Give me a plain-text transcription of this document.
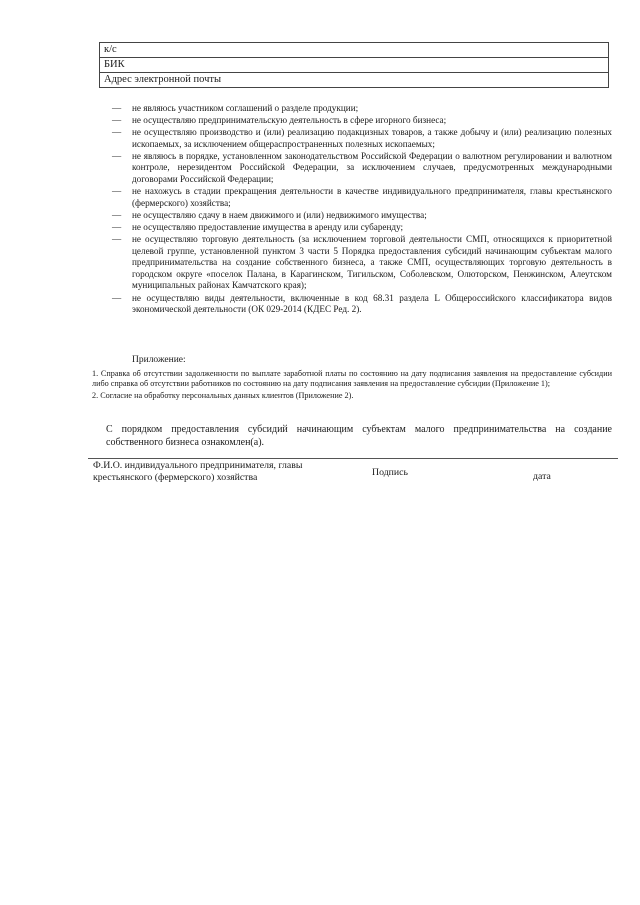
к/с
БИК
Адрес электронной почты
—	не являюсь участником соглашений о разделе продукции;
—	не осуществляю предпринимательскую деятельность в сфере игорного бизнеса;
—	не осуществляю производство и (или) реализацию подакцизных товаров, а также добычу и (или) реализацию полезных ископаемых, за исключением общераспространенных полезных ископаемых;
—	не являюсь в порядке, установленном законодательством Российской Федерации о валютном регулировании и валютном контроле, нерезидентом Российской Федерации, за исключением случаев, предусмотренных международными договорами Российской Федерации;
—	не нахожусь в стадии прекращения деятельности в качестве индивидуального предпринимателя, главы крестьянского (фермерского) хозяйства;
—	не осуществляю сдачу в наем движимого и (или) недвижимого имущества;
—	не осуществляю предоставление имущества в аренду или субаренду;
—	не осуществляю торговую деятельность (за исключением торговой деятельности СМП, относящихся к приоритетной целевой группе, установленной пунктом 3 части 5 Порядка предоставления субсидий начинающим субъектам малого предпринимательства на создание собственного бизнеса, а также СМП, осуществляющих торговую деятельность в городском округе «поселок Палана, в Карагинском, Тигильском, Соболевском, Олюторском, Пенжинском, Алеутском муниципальных районах Камчатского края);
—	не осуществляю виды деятельности, включенные в код 68.31 раздела L Общероссийского классификатора видов экономической деятельности (ОК 029-2014 (КДЕС Ред. 2).
Приложение:
1. Справка об отсутствии задолженности по выплате заработной платы по состоянию на дату подписания заявления на предоставление субсидии либо справка об отсутствии работников по состоянию на дату подписания заявления на предоставление субсидии (Приложение 1);
2. Согласие на обработку персональных данных клиентов (Приложение 2).
С порядком предоставления субсидий начинающим субъектам малого предпринимательства на создание собственного бизнеса ознакомлен(а).
Ф.И.О. индивидуального предпринимателя, главы крестьянского (фермерского) хозяйства	Подпись	дата
